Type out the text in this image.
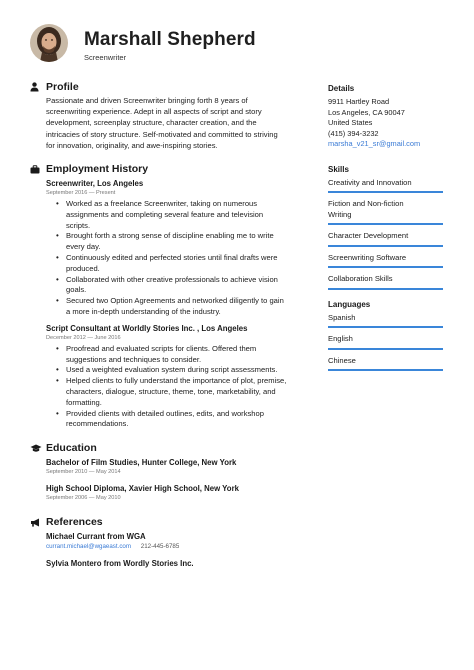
Marshall Shepherd
Screenwriter
Profile
Passionate and driven Screenwriter bringing forth 8 years of
screenwriting experience. Adept in all aspects of script and story
development, screenplay structure, character creation, and the
intricacies of story structure. Self-motivated and committed to striving
for innovation, originality, and awe-inspiring stories.
Employment History
Screenwriter, Los Angeles
September 2016 — Present
• Worked as a freelance Screenwriter, taking on numerous
assignments and completing several feature and television
scripts.
• Brought forth a strong sense of discipline enabling me to write
every day.
• Continuously edited and perfected stories until final drafts were
produced.
• Collaborated with other creative professionals to achieve vision
goals.
• Secured two Option Agreements and networked diligently to gain
a more in-depth understanding of the industry.
Script Consultant at Worldly Stories Inc. , Los Angeles
December 2012 — June 2016
• Proofread and evaluated scripts for clients. Offered them
suggestions and techniques to consider.
• Used a weighted evaluation system during script assessments.
• Helped clients to fully understand the importance of plot, premise,
characters, dialogue, structure, theme, tone, marketability, and
formatting.
• Provided clients with detailed outlines, edits, and workshop
recommendations.
Education
Bachelor of Film Studies, Hunter College, New York
September 2010 — May 2014
High School Diploma, Xavier High School, New York
September 2006 — May 2010
References
Michael Currant from WGA
currant.michael@wgaeast.com 212-445-6785
Sylvia Montero from Wordly Stories Inc.
Details
9911 Hartley Road
Los Angeles, CA 90047
United States
(415) 394-3232
marsha_v21_sr@gmail.com
Skills
Creativity and Innovation
Fiction and Non-fiction
Writing
Character Development
Screenwriting Software
Collaboration Skills
Languages
Spanish
English
Chinese
